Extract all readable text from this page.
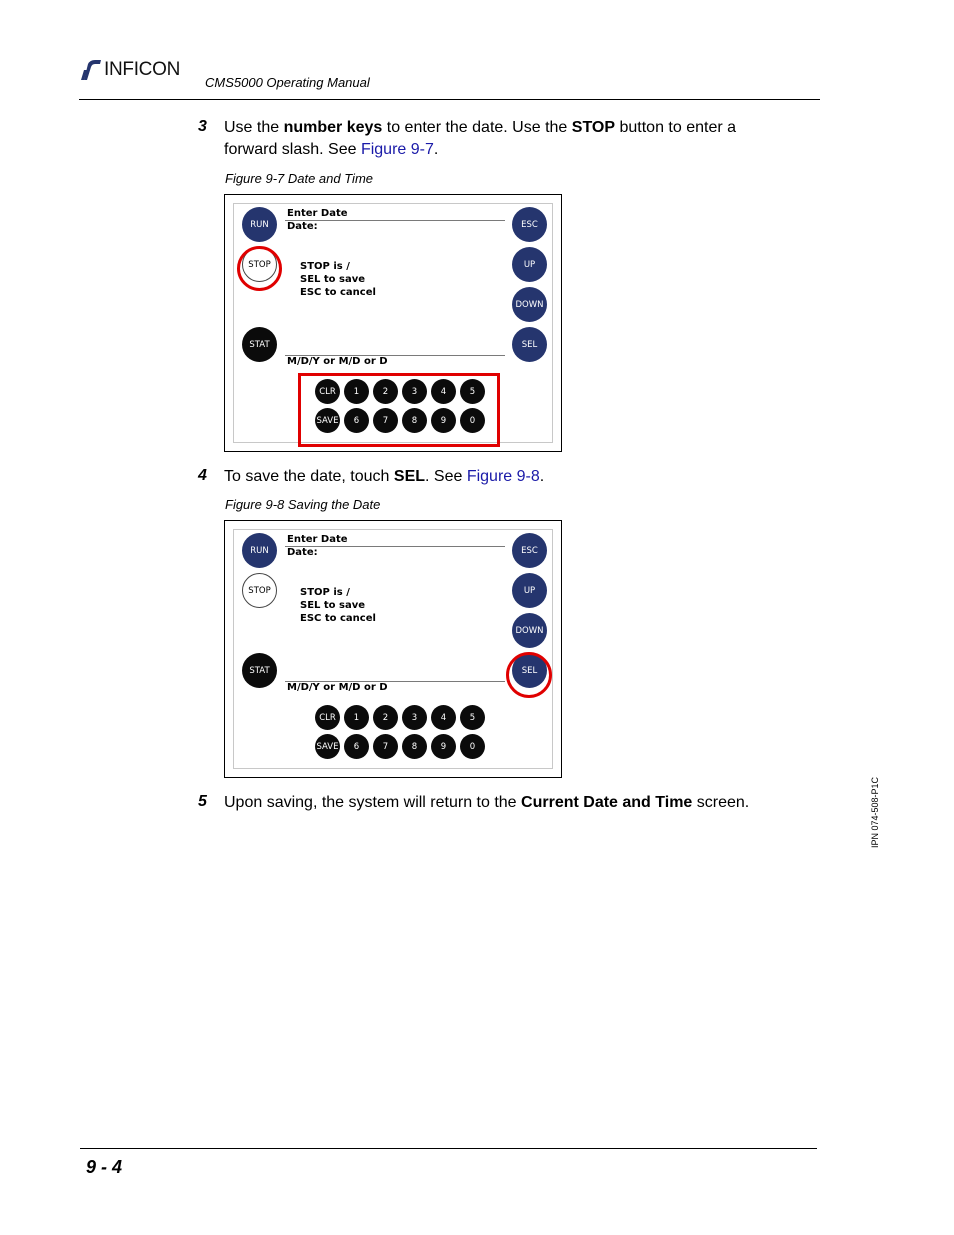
INFICON
CMS5000 Operating Manual
3 Use the number keys to enter the date. Use the STOP button to enter a
forward slash. See Figure 9-7.
Figure 9-7 Date and Time
Enter Date
Date:
STOP is /
SEL to save
ESC to cancel
M/D/Y or M/D or D
RUN
STOP
STAT
ESC
UP
DOWN
SEL
CLR	1	2	3	4	5
SAVE	6	7	8	9	0
4 To save the date, touch SEL. See Figure 9-8.
Figure 9-8 Saving the Date
Enter Date
Date:
STOP is /
SEL to save
ESC to cancel
M/D/Y or M/D or D
RUN
STOP
STAT
ESC
UP
DOWN
SEL
CLR	1	2	3	4	5
SAVE	6	7	8	9	0
5 Upon saving, the system will return to the Current Date and Time screen.	IPN 074-508-P1C
9 - 4
